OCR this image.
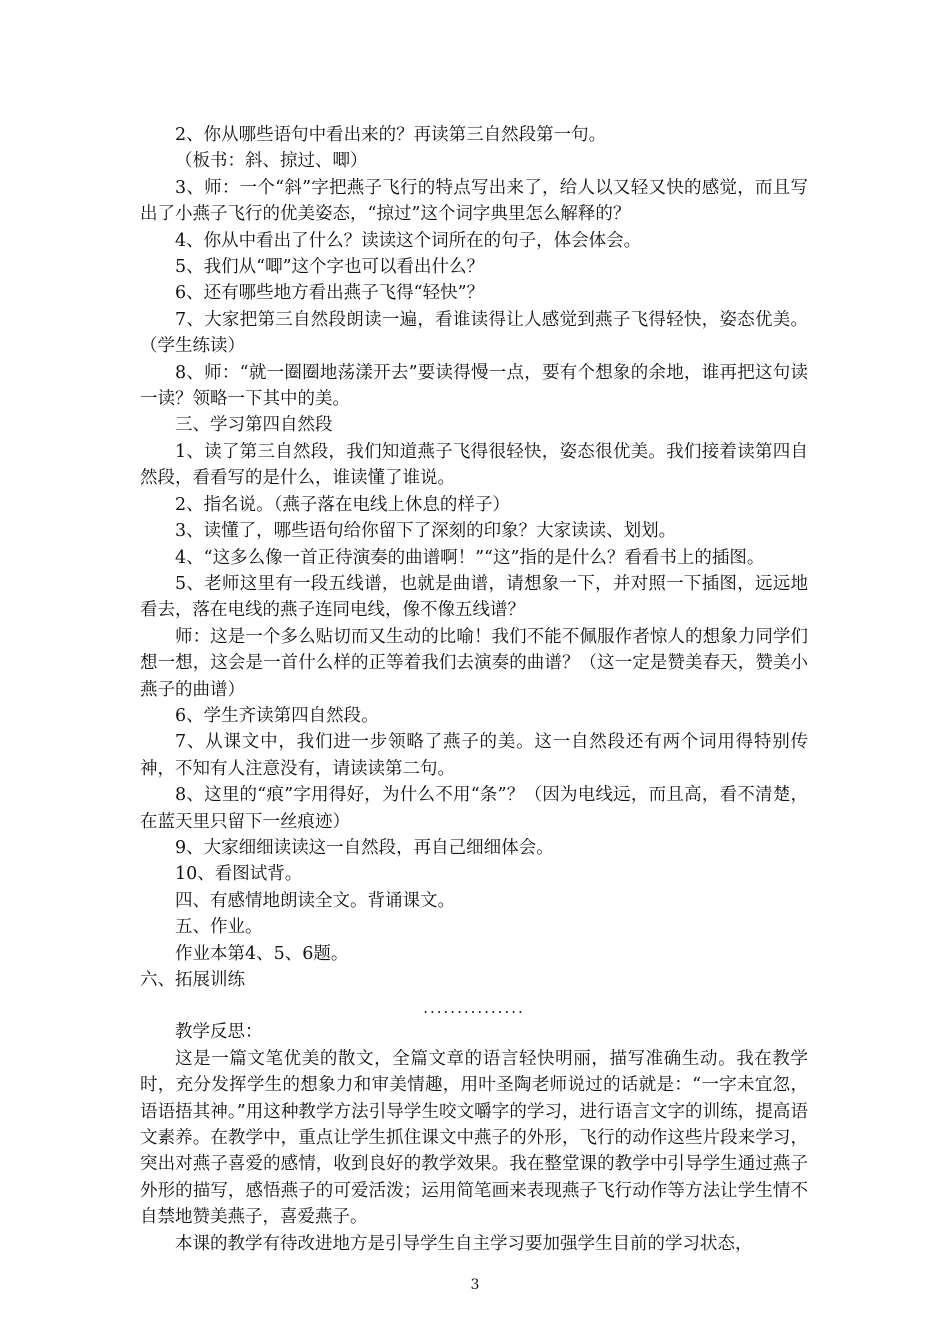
2、你从哪些语句中看出来的？再读第三自然段第一句。

（板书：斜、掠过、唧）

3、师：一个“斜”字把燕子飞行的特点写出来了，给人以又轻又快的感觉，而且写出了小燕子飞行的优美姿态，“掠过”这个词字典里怎么解释的？

4、你从中看出了什么？读读这个词所在的句子，体会体会。

5、我们从“唧”这个字也可以看出什么？

6、还有哪些地方看出燕子飞得“轻快”？

7、大家把第三自然段朗读一遍，看谁读得让人感觉到燕子飞得轻快，姿态优美。（学生练读）

8、师：“就一圈圈地荡漾开去”要读得慢一点，要有个想象的余地，谁再把这句读一读？领略一下其中的美。

三、学习第四自然段

1、读了第三自然段，我们知道燕子飞得很轻快，姿态很优美。我们接着读第四自然段，看看写的是什么，谁读懂了谁说。

2、指名说。（燕子落在电线上休息的样子）

3、读懂了，哪些语句给你留下了深刻的印象？大家读读、划划。

4、“这多么像一首正待演奏的曲谱啊！”“这”指的是什么？看看书上的插图。

5、老师这里有一段五线谱，也就是曲谱，请想象一下，并对照一下插图，远远地看去，落在电线的燕子连同电线，像不像五线谱？

师：这是一个多么贴切而又生动的比喻！我们不能不佩服作者惊人的想象力同学们想一想，这会是一首什么样的正等着我们去演奏的曲谱？（这一定是赞美春天，赞美小燕子的曲谱）

6、学生齐读第四自然段。

7、从课文中，我们进一步领略了燕子的美。这一自然段还有两个词用得特别传神，不知有人注意没有，请读读第二句。

8、这里的“痕”字用得好，为什么不用“条”？（因为电线远，而且高，看不清楚，在蓝天里只留下一丝痕迹）

9、大家细细读读这一自然段，再自己细细体会。

10、看图试背。

四、有感情地朗读全文。背诵课文。

五、作业。

作业本第4、5、6题。

六、拓展训练

...............

教学反思：

这是一篇文笔优美的散文，全篇文章的语言轻快明丽，描写准确生动。我在教学时，充分发挥学生的想象力和审美情趣，用叶圣陶老师说过的话就是：“一字未宜忽，语语捂其神。”用这种教学方法引导学生咬文嚼字的学习，进行语言文字的训练，提高语文素养。在教学中，重点让学生抓住课文中燕子的外形，飞行的动作这些片段来学习，突出对燕子喜爱的感情，收到良好的教学效果。我在整堂课的教学中引导学生通过燕子外形的描写，感悟燕子的可爱活泼；运用简笔画来表现燕子飞行动作等方法让学生情不自禁地赞美燕子，喜爱燕子。

本课的教学有待改进地方是引导学生自主学习要加强学生目前的学习状态，

3
